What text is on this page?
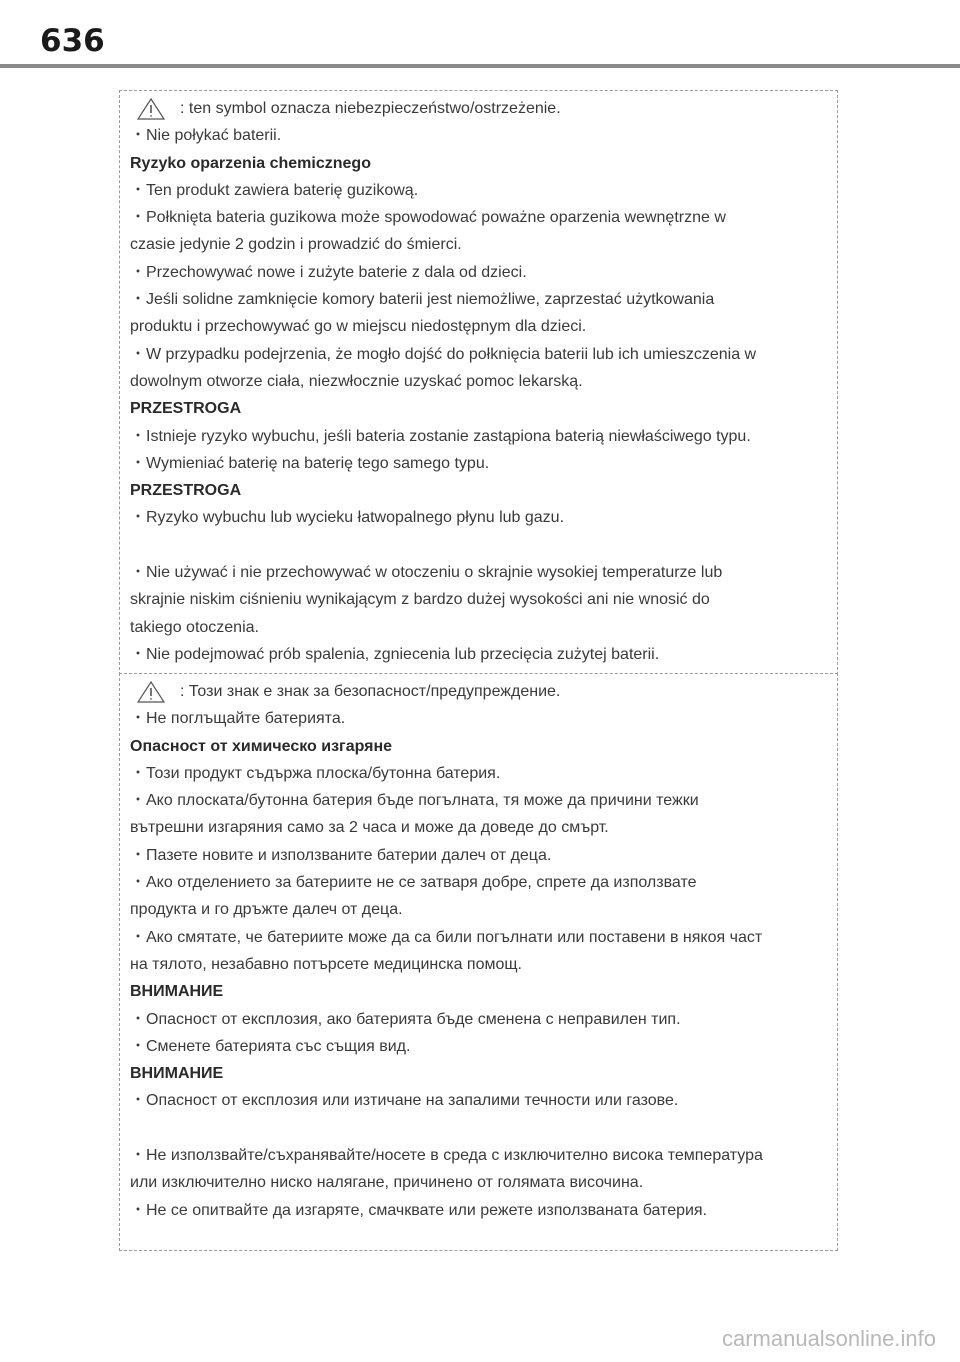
636
: ten symbol oznacza niebezpieczeństwo/ostrzeżenie.
・Nie połykać baterii.
Ryzyko oparzenia chemicznego
・Ten produkt zawiera baterię guzikową.
・Połknięta bateria guzikowa może spowodować poważne oparzenia wewnętrzne w
czasie jedynie 2 godzin i prowadzić do śmierci.
・Przechowywać nowe i zużyte baterie z dala od dzieci.
・Jeśli solidne zamknięcie komory baterii jest niemożliwe, zaprzestać użytkowania
produktu i przechowywać go w miejscu niedostępnym dla dzieci.
・W przypadku podejrzenia, że mogło dojść do połknięcia baterii lub ich umieszczenia w
dowolnym otworze ciała, niezwłocznie uzyskać pomoc lekarską.
PRZESTROGA
・Istnieje ryzyko wybuchu, jeśli bateria zostanie zastąpiona baterią niewłaściwego typu.
・Wymieniać baterię na baterię tego samego typu.
PRZESTROGA
・Ryzyko wybuchu lub wycieku łatwopalnego płynu lub gazu.
・Nie używać i nie przechowywać w otoczeniu o skrajnie wysokiej temperaturze lub
skrajnie niskim ciśnieniu wynikającym z bardzo dużej wysokości ani nie wnosić do
takiego otoczenia.
・Nie podejmować prób spalenia, zgniecenia lub przecięcia zużytej baterii.
: Този знак е знак за безопасност/предупреждение.
・Не поглъщайте батерията.
Опасност от химическо изгаряне
・Този продукт съдържа плоска/бутонна батерия.
・Ако плоската/бутонна батерия бъде погълната, тя може да причини тежки
вътрешни изгаряния само за 2 часа и може да доведе до смърт.
・Пазете новите и използваните батерии далеч от деца.
・Ако отделението за батериите не се затваря добре, спрете да използвате
продукта и го дръжте далеч от деца.
・Ако смятате, че батериите може да са били погълнати или поставени в някоя част
на тялото, незабавно потърсете медицинска помощ.
ВНИМАНИЕ
・Опасност от експлозия, ако батерията бъде сменена с неправилен тип.
・Сменете батерията със същия вид.
ВНИМАНИЕ
・Опасност от експлозия или изтичане на запалими течности или газове.
・Не използвайте/съхранявайте/носете в среда с изключително висока температура
или изключително ниско налягане, причинено от голямата височина.
・Не се опитвайте да изгаряте, смачквате или режете използваната батерия.
carmanualsonline.info
